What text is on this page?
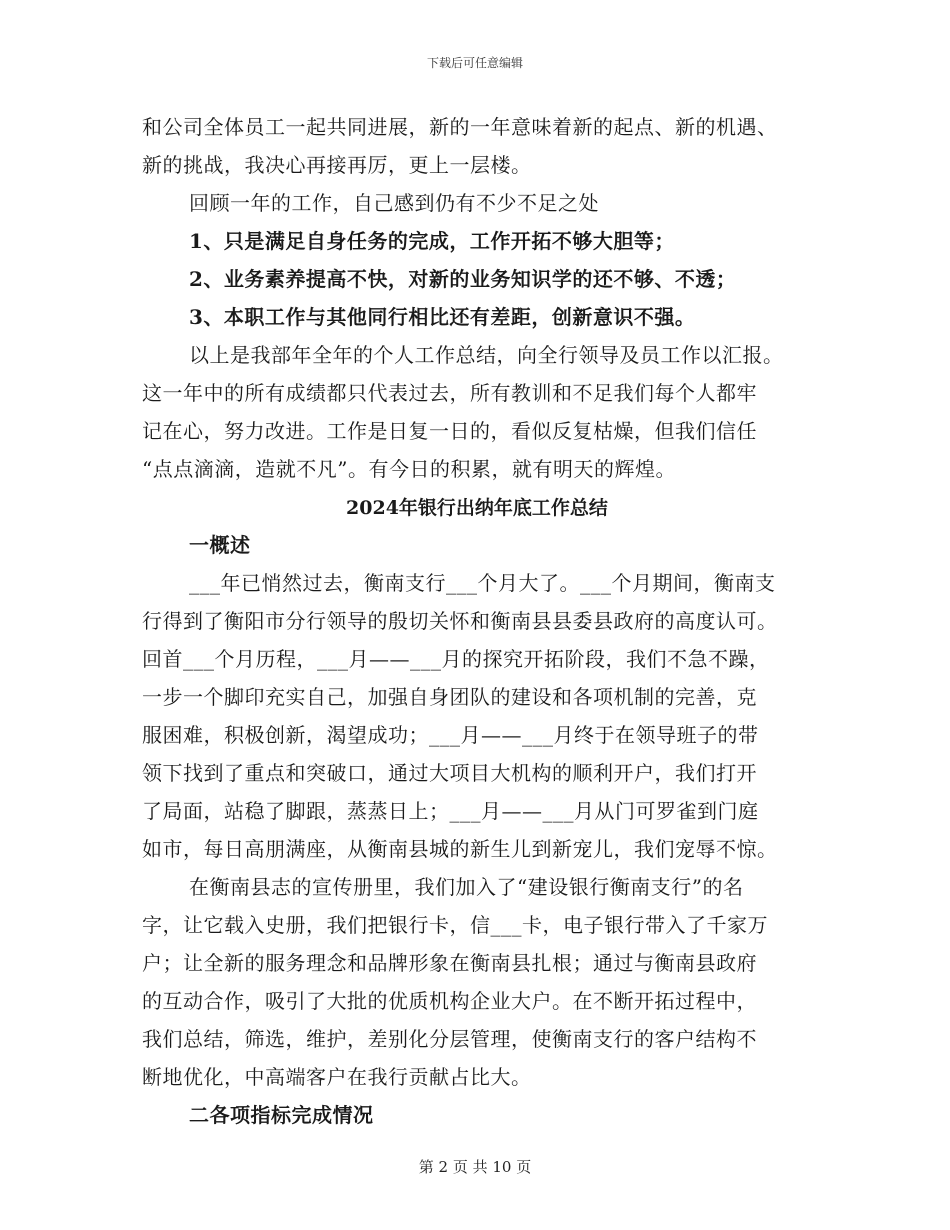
下载后可任意编辑
和公司全体员工一起共同进展，新的一年意味着新的起点、新的机遇、
新的挑战，我决心再接再厉，更上一层楼。
回顾一年的工作，自己感到仍有不少不足之处
1、只是满足自身任务的完成，工作开拓不够大胆等；
2、业务素养提高不快，对新的业务知识学的还不够、不透；
3、本职工作与其他同行相比还有差距，创新意识不强。
以上是我部年全年的个人工作总结，向全行领导及员工作以汇报。
这一年中的所有成绩都只代表过去，所有教训和不足我们每个人都牢
记在心，努力改进。工作是日复一日的，看似反复枯燥，但我们信任
“点点滴滴，造就不凡”。有今日的积累，就有明天的辉煌。
2024年银行出纳年底工作总结
一概述
___年已悄然过去，衡南支行___个月大了。___个月期间，衡南支
行得到了衡阳市分行领导的殷切关怀和衡南县县委县政府的高度认可。
回首___个月历程，___月——___月的探究开拓阶段，我们不急不躁，
一步一个脚印充实自己，加强自身团队的建设和各项机制的完善，克
服困难，积极创新，渴望成功；___月——___月终于在领导班子的带
领下找到了重点和突破口，通过大项目大机构的顺利开户，我们打开
了局面，站稳了脚跟，蒸蒸日上；___月——___月从门可罗雀到门庭
如市，每日高朋满座，从衡南县城的新生儿到新宠儿，我们宠辱不惊。
在衡南县志的宣传册里，我们加入了“建设银行衡南支行”的名
字，让它载入史册，我们把银行卡，信___卡，电子银行带入了千家万
户；让全新的服务理念和品牌形象在衡南县扎根；通过与衡南县政府
的互动合作，吸引了大批的优质机构企业大户。在不断开拓过程中，
我们总结，筛选，维护，差别化分层管理，使衡南支行的客户结构不
断地优化，中高端客户在我行贡献占比大。
二各项指标完成情况
第 2 页 共 10 页
